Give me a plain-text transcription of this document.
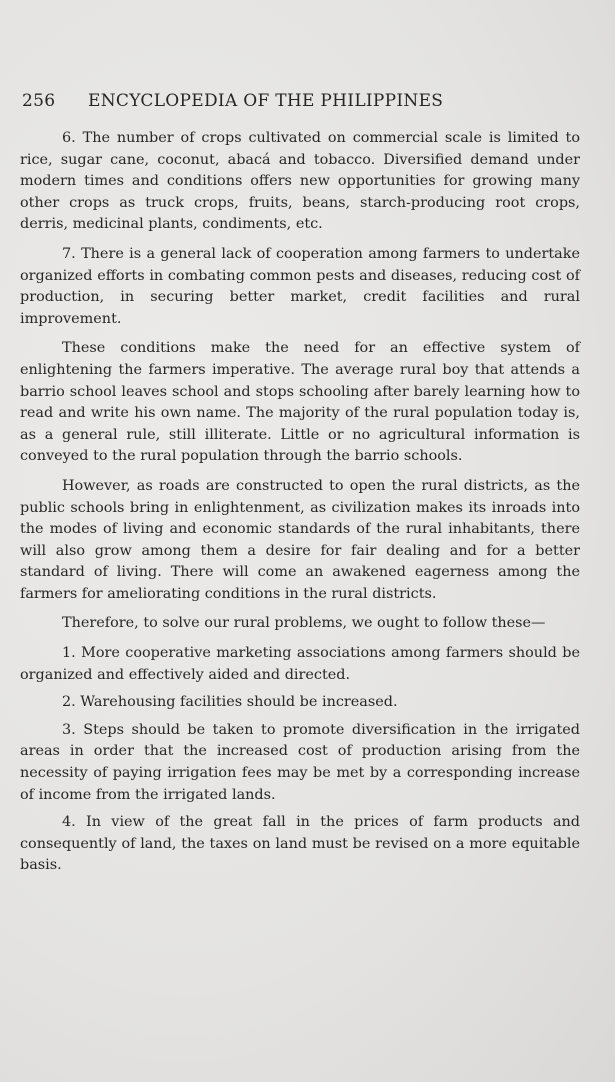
256	ENCYCLOPEDIA OF THE PHILIPPINES

6. The number of crops cultivated on commercial scale is limited to rice, sugar cane, coconut, abacá and tobacco. Diversified demand under modern times and conditions offers new opportunities for growing many other crops as truck crops, fruits, beans, starch-producing root crops, derris, medicinal plants, condiments, etc.

7. There is a general lack of cooperation among farmers to undertake organized efforts in combating common pests and diseases, reducing cost of production, in securing better market, credit facilities and rural improvement.

These conditions make the need for an effective system of enlightening the farmers imperative. The average rural boy that attends a barrio school leaves school and stops schooling after barely learning how to read and write his own name. The majority of the rural population today is, as a general rule, still illiterate. Little or no agricultural information is conveyed to the rural population through the barrio schools.

However, as roads are constructed to open the rural districts, as the public schools bring in enlightenment, as civilization makes its inroads into the modes of living and economic standards of the rural inhabitants, there will also grow among them a desire for fair dealing and for a better standard of living. There will come an awakened eagerness among the farmers for ameliorating conditions in the rural districts.

Therefore, to solve our rural problems, we ought to follow these—

1. More cooperative marketing associations among farmers should be organized and effectively aided and directed.

2. Warehousing facilities should be increased.

3. Steps should be taken to promote diversification in the irrigated areas in order that the increased cost of production arising from the necessity of paying irrigation fees may be met by a corresponding increase of income from the irrigated lands.

4. In view of the great fall in the prices of farm products and consequently of land, the taxes on land must be revised on a more equitable basis.
